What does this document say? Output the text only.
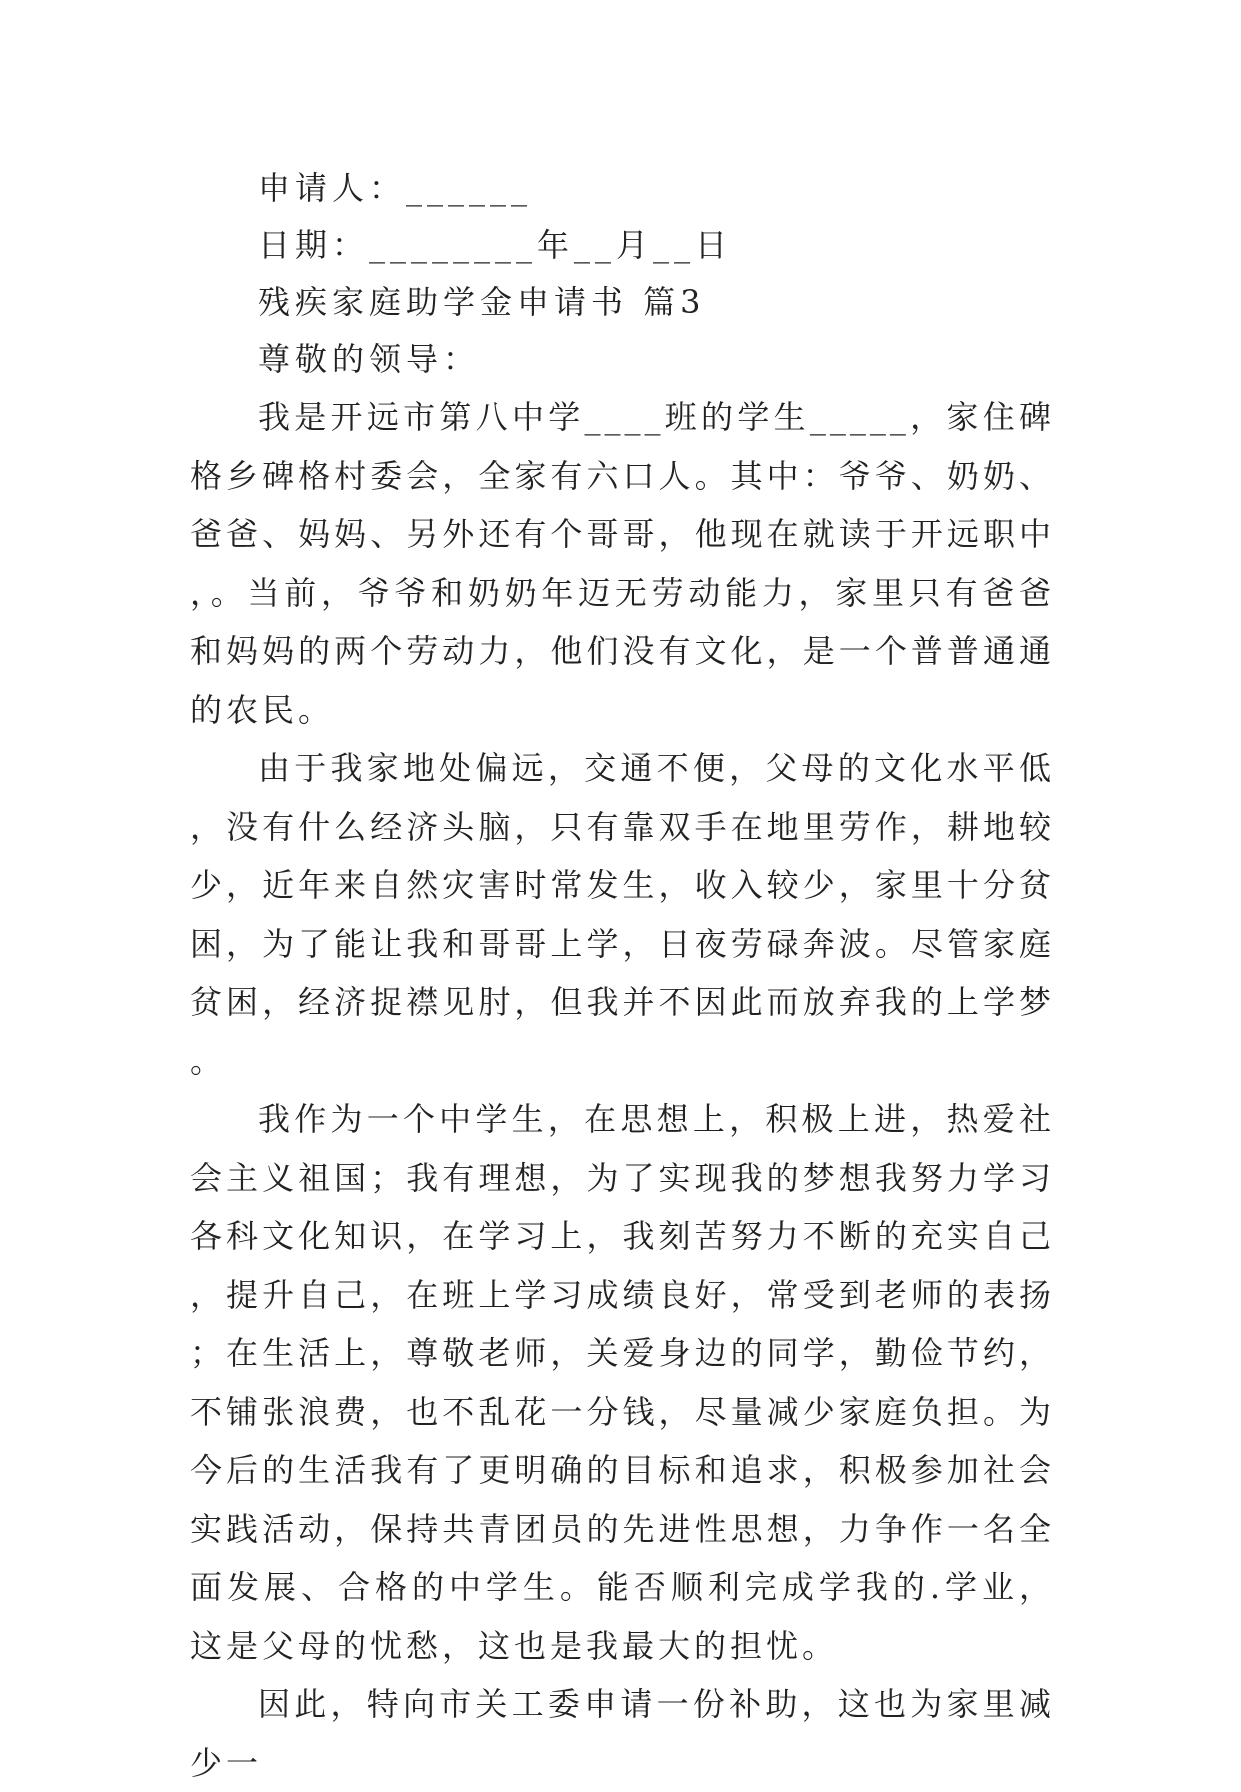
申请人：______

日期：________年__月__日

残疾家庭助学金申请书 篇3

尊敬的领导：

我是开远市第八中学____班的学生_____，家住碑格乡碑格村委会，全家有六口人。其中：爷爷、奶奶、爸爸、妈妈、另外还有个哥哥，他现在就读于开远职中，。当前，爷爷和奶奶年迈无劳动能力，家里只有爸爸和妈妈的两个劳动力，他们没有文化，是一个普普通通的农民。

由于我家地处偏远，交通不便，父母的文化水平低，没有什么经济头脑，只有靠双手在地里劳作，耕地较少，近年来自然灾害时常发生，收入较少，家里十分贫困，为了能让我和哥哥上学，日夜劳碌奔波。尽管家庭贫困，经济捉襟见肘，但我并不因此而放弃我的上学梦。

我作为一个中学生，在思想上，积极上进，热爱社会主义祖国；我有理想，为了实现我的梦想我努力学习各科文化知识，在学习上，我刻苦努力不断的充实自己，提升自己，在班上学习成绩良好，常受到老师的表扬；在生活上，尊敬老师，关爱身边的同学，勤俭节约，不铺张浪费，也不乱花一分钱，尽量减少家庭负担。为今后的生活我有了更明确的目标和追求，积极参加社会实践活动，保持共青团员的先进性思想，力争作一名全面发展、合格的中学生。能否顺利完成学我的.学业，这是父母的忧愁，这也是我最大的担忧。

因此，特向市关工委申请一份补助，这也为家里减少一
